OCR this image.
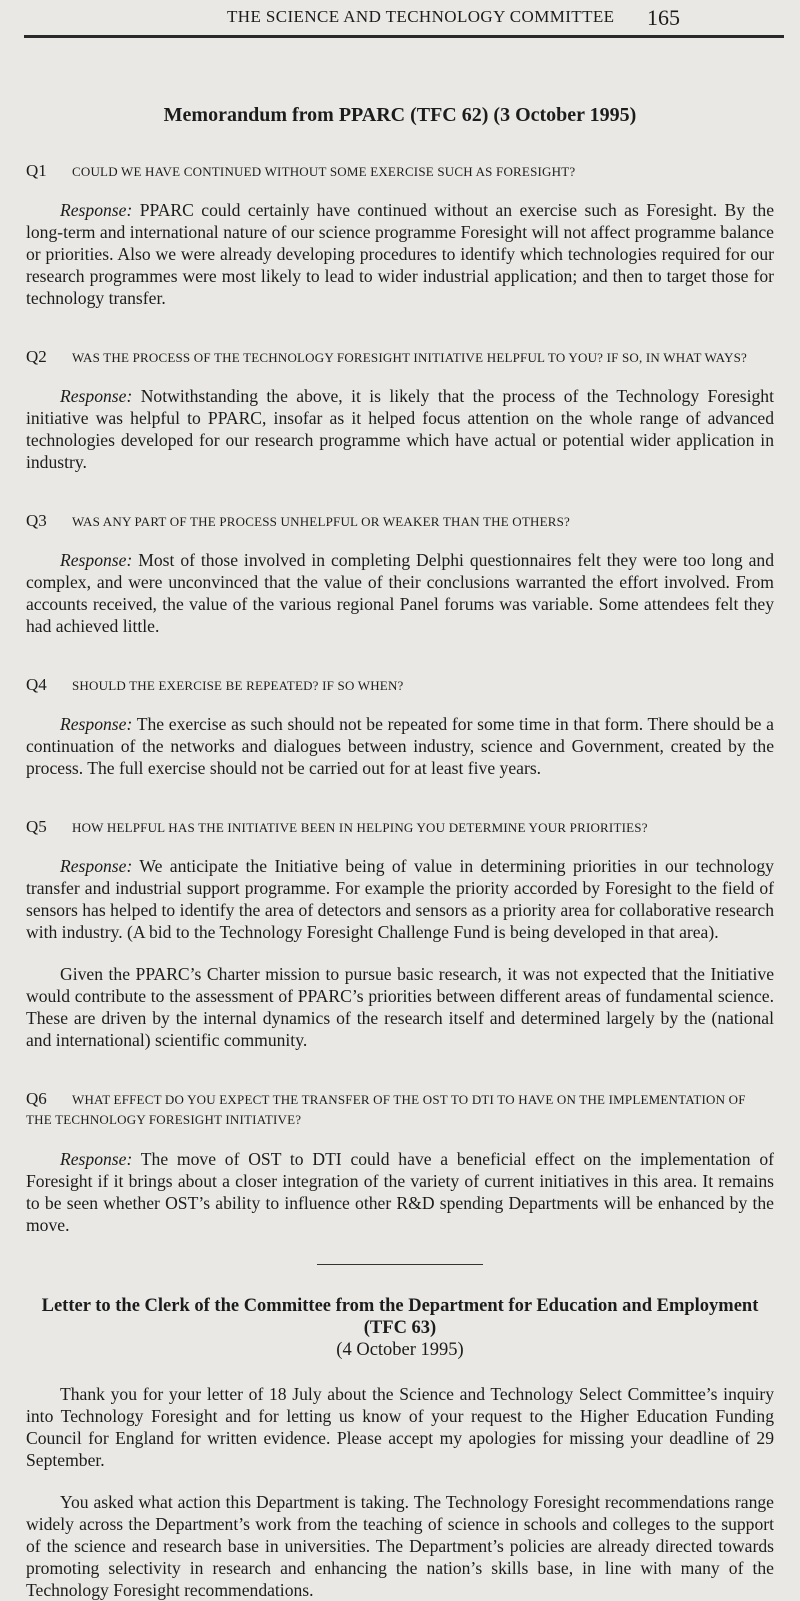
THE SCIENCE AND TECHNOLOGY COMMITTEE 165
Memorandum from PPARC (TFC 62) (3 October 1995)
Q1 COULD WE HAVE CONTINUED WITHOUT SOME EXERCISE SUCH AS FORESIGHT?

Response: PPARC could certainly have continued without an exercise such as Foresight. By the long-term and international nature of our science programme Foresight will not affect programme balance or priorities. Also we were already developing procedures to identify which technologies required for our research programmes were most likely to lead to wider industrial application; and then to target those for technology transfer.

Q2 WAS THE PROCESS OF THE TECHNOLOGY FORESIGHT INITIATIVE HELPFUL TO YOU? IF SO, IN WHAT WAYS?

Response: Notwithstanding the above, it is likely that the process of the Technology Foresight initiative was helpful to PPARC, insofar as it helped focus attention on the whole range of advanced technologies developed for our research programme which have actual or potential wider application in industry.

Q3 WAS ANY PART OF THE PROCESS UNHELPFUL OR WEAKER THAN THE OTHERS?

Response: Most of those involved in completing Delphi questionnaires felt they were too long and complex, and were unconvinced that the value of their conclusions warranted the effort involved. From accounts received, the value of the various regional Panel forums was variable. Some attendees felt they had achieved little.

Q4 SHOULD THE EXERCISE BE REPEATED? IF SO WHEN?

Response: The exercise as such should not be repeated for some time in that form. There should be a continuation of the networks and dialogues between industry, science and Government, created by the process. The full exercise should not be carried out for at least five years.

Q5 HOW HELPFUL HAS THE INITIATIVE BEEN IN HELPING YOU DETERMINE YOUR PRIORITIES?

Response: We anticipate the Initiative being of value in determining priorities in our technology transfer and industrial support programme. For example the priority accorded by Foresight to the field of sensors has helped to identify the area of detectors and sensors as a priority area for collaborative research with industry. (A bid to the Technology Foresight Challenge Fund is being developed in that area).

Given the PPARC’s Charter mission to pursue basic research, it was not expected that the Initiative would contribute to the assessment of PPARC’s priorities between different areas of fundamental science. These are driven by the internal dynamics of the research itself and determined largely by the (national and international) scientific community.

Q6 WHAT EFFECT DO YOU EXPECT THE TRANSFER OF THE OST TO DTI TO HAVE ON THE IMPLEMENTATION OF THE TECHNOLOGY FORESIGHT INITIATIVE?

Response: The move of OST to DTI could have a beneficial effect on the implementation of Foresight if it brings about a closer integration of the variety of current initiatives in this area. It remains to be seen whether OST’s ability to influence other R&D spending Departments will be enhanced by the move.

Letter to the Clerk of the Committee from the Department for Education and Employment (TFC 63)
(4 October 1995)

Thank you for your letter of 18 July about the Science and Technology Select Committee’s inquiry into Technology Foresight and for letting us know of your request to the Higher Education Funding Council for England for written evidence. Please accept my apologies for missing your deadline of 29 September.

You asked what action this Department is taking. The Technology Foresight recommendations range widely across the Department’s work from the teaching of science in schools and colleges to the support of the science and research base in universities. The Department’s policies are already directed towards promoting selectivity in research and enhancing the nation’s skills base, in line with many of the Technology Foresight recommendations.
